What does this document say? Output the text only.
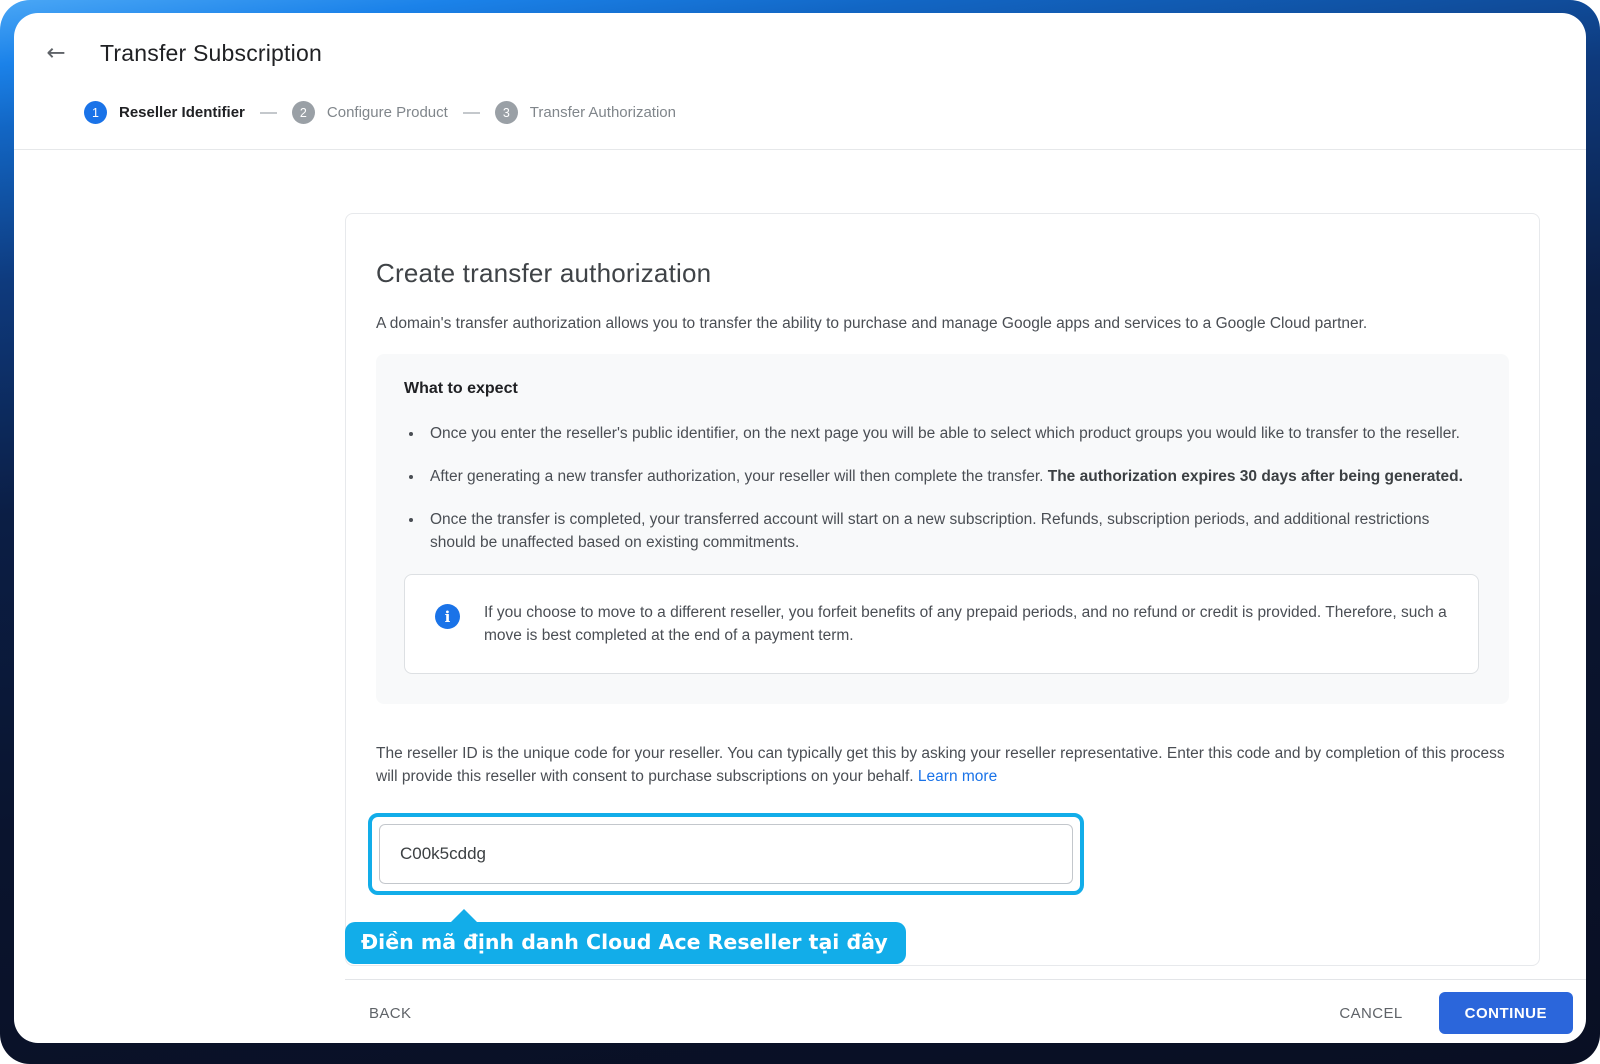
← Transfer Subscription
1	Reseller Identifier	2	Configure Product	3	Transfer Authorization
Create transfer authorization

A domain's transfer authorization allows you to transfer the ability to purchase and manage Google apps and services to a Google Cloud partner.

What to expect
• Once you enter the reseller's public identifier, on the next page you will be able to select which product groups you would like to transfer to the reseller.
• After generating a new transfer authorization, your reseller will then complete the transfer. The authorization expires 30 days after being generated.
• Once the transfer is completed, your transferred account will start on a new subscription. Refunds, subscription periods, and additional restrictions should be unaffected based on existing commitments.
i	If you choose to move to a different reseller, you forfeit benefits of any prepaid periods, and no refund or credit is provided. Therefore, such a move is best completed at the end of a payment term.

The reseller ID is the unique code for your reseller. You can typically get this by asking your reseller representative. Enter this code and by completion of this process will provide this reseller with consent to purchase subscriptions on your behalf. Learn more

C00k5cddg
Điền mã định danh Cloud Ace Reseller tại đây
BACK	CANCEL	CONTINUE
